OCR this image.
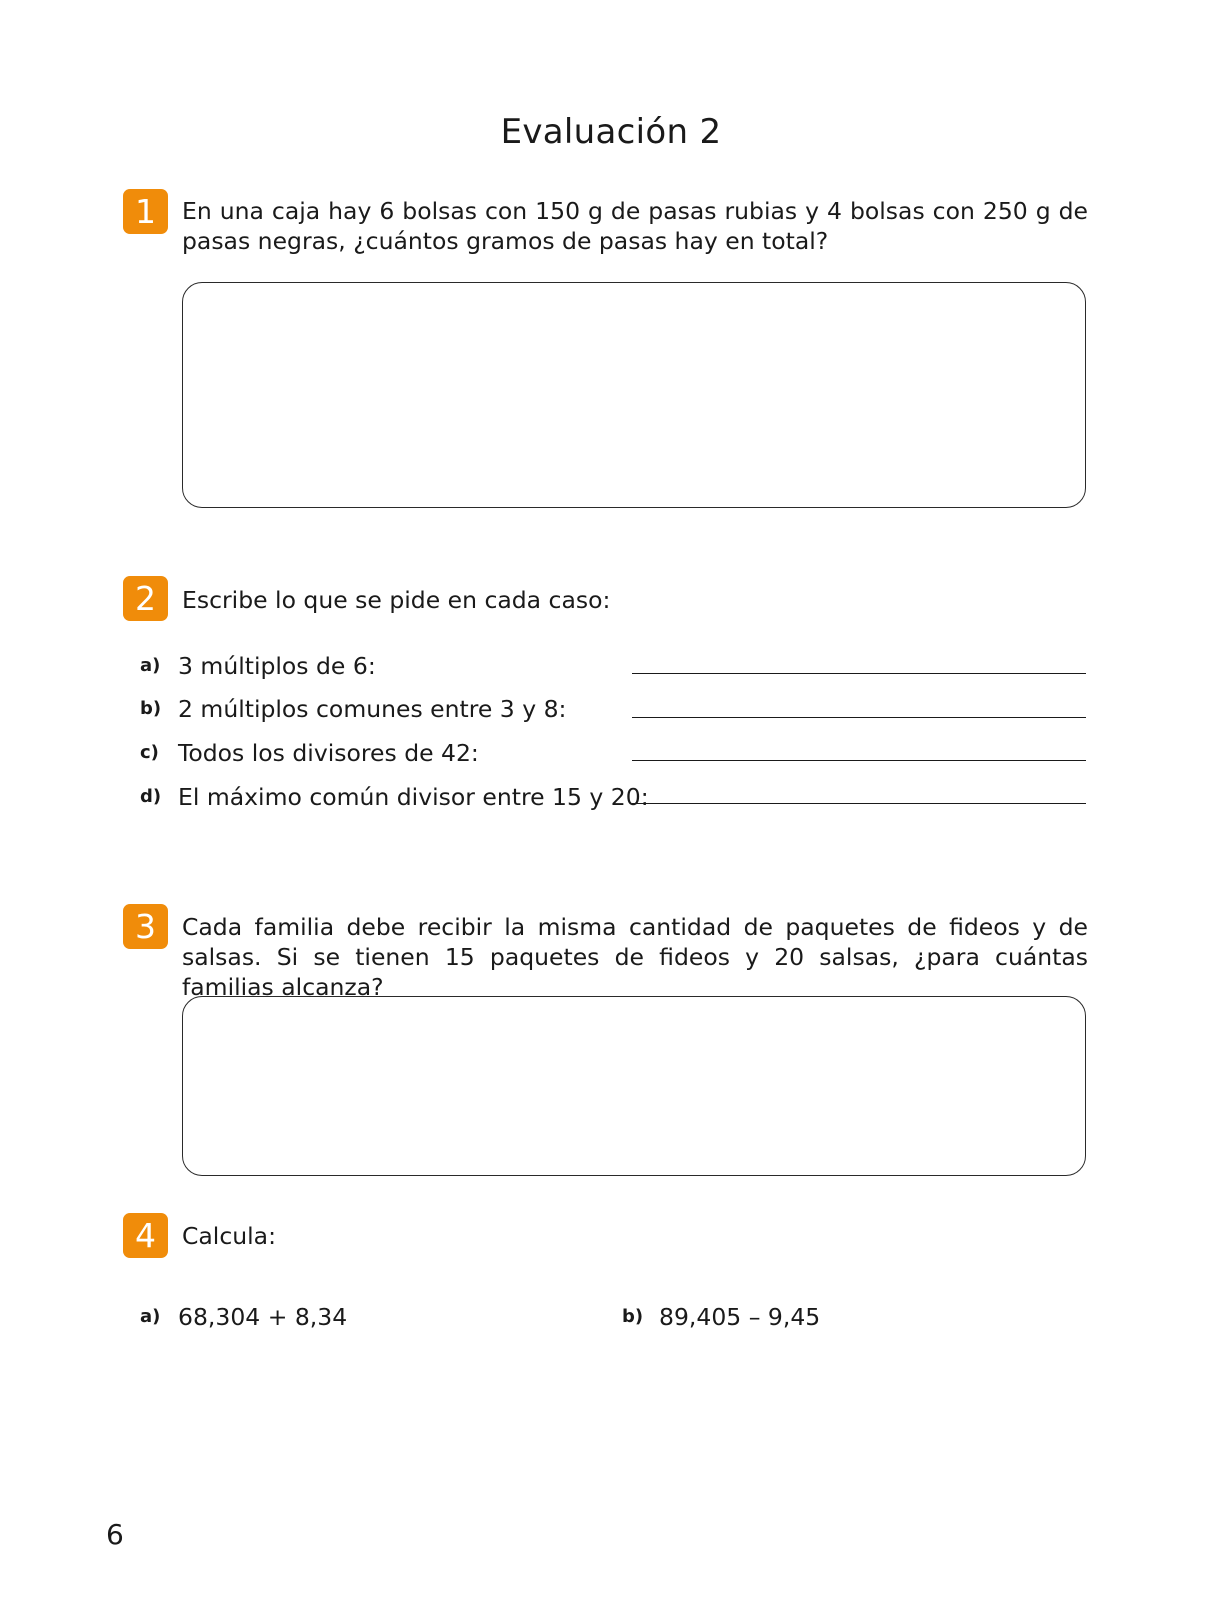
Evaluación 2
1	En una caja hay 6 bolsas con 150 g de pasas rubias y 4 bolsas con 250 g de pasas negras, ¿cuántos gramos de pasas hay en total?

2	Escribe lo que se pide en cada caso:

a) 3 múltiplos de 6:
b) 2 múltiplos comunes entre 3 y 8:
c) Todos los divisores de 42:
d) El máximo común divisor entre 15 y 20:
3	Cada familia debe recibir la misma cantidad de paquetes de fideos y de salsas. Si se tienen 15 paquetes de fideos y 20 salsas, ¿para cuántas familias alcanza?

4	Calcula:

a) 68,304 + 8,34	b) 89,405 – 9,45
6
